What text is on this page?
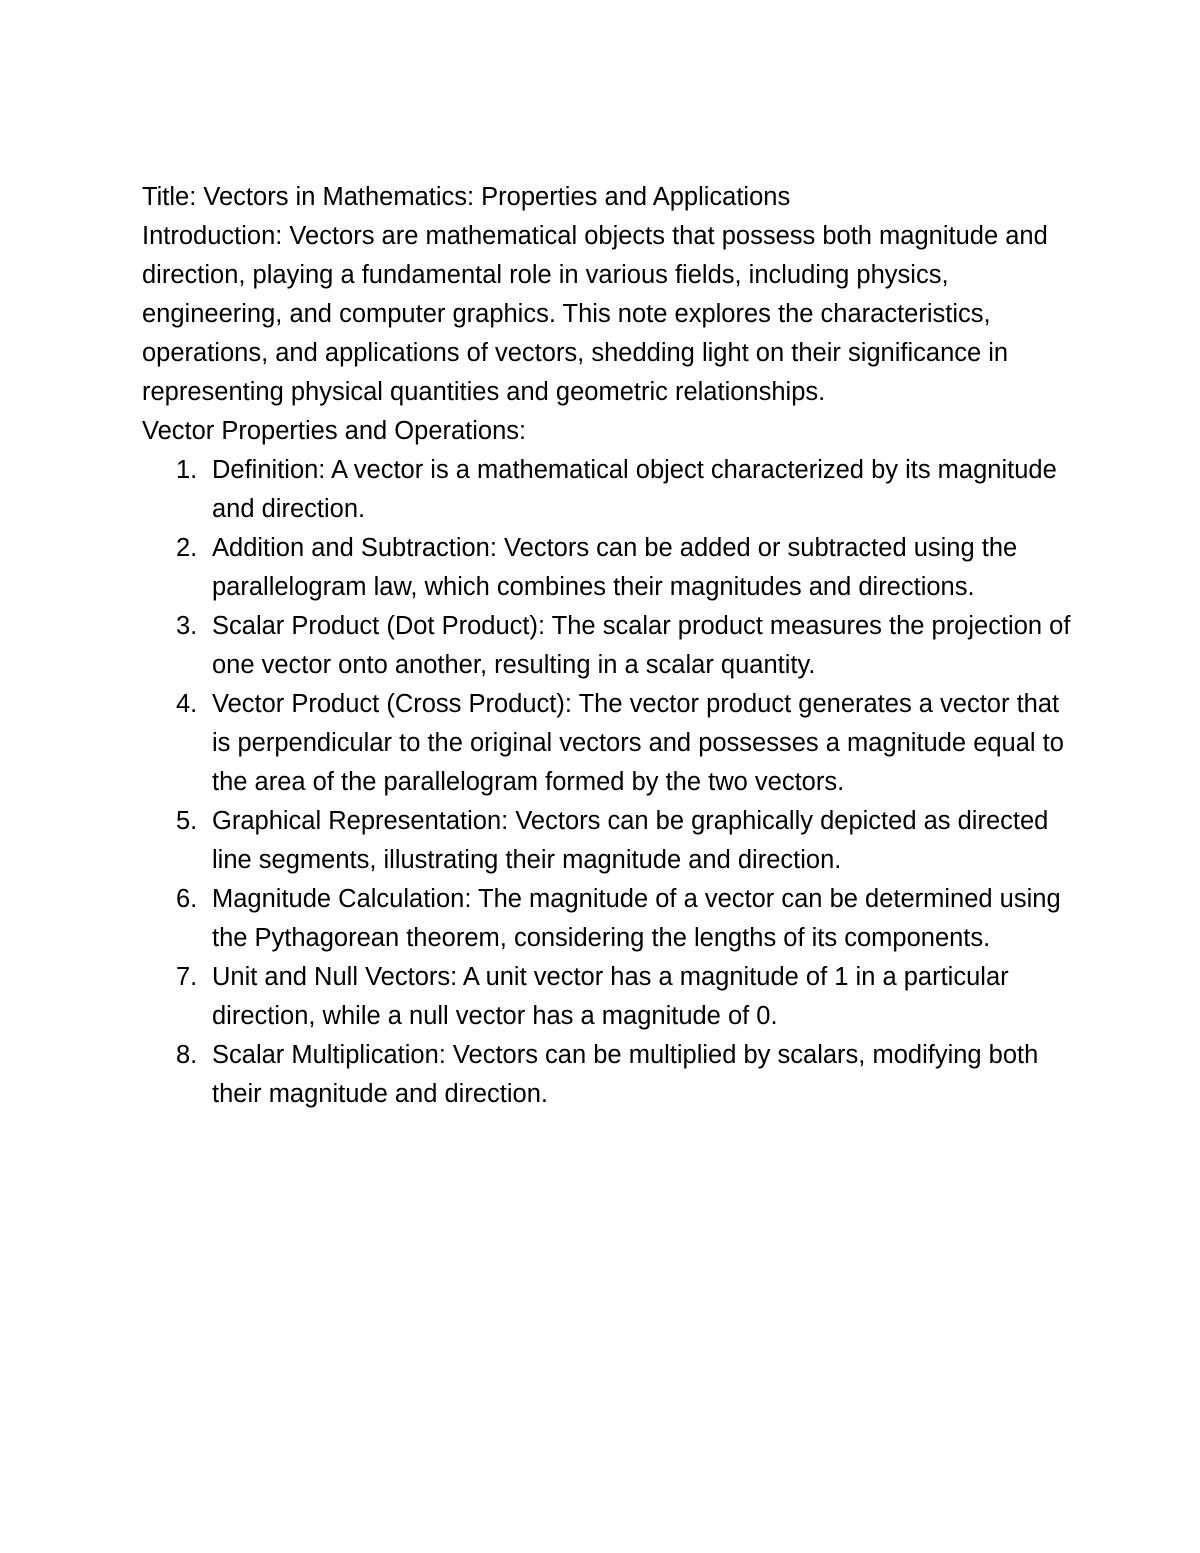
Title: Vectors in Mathematics: Properties and Applications

Introduction: Vectors are mathematical objects that possess both magnitude and direction, playing a fundamental role in various fields, including physics, engineering, and computer graphics. This note explores the characteristics, operations, and applications of vectors, shedding light on their significance in representing physical quantities and geometric relationships.

Vector Properties and Operations:

1. Definition: A vector is a mathematical object characterized by its magnitude and direction.
2. Addition and Subtraction: Vectors can be added or subtracted using the parallelogram law, which combines their magnitudes and directions.
3. Scalar Product (Dot Product): The scalar product measures the projection of one vector onto another, resulting in a scalar quantity.
4. Vector Product (Cross Product): The vector product generates a vector that is perpendicular to the original vectors and possesses a magnitude equal to the area of the parallelogram formed by the two vectors.
5. Graphical Representation: Vectors can be graphically depicted as directed line segments, illustrating their magnitude and direction.
6. Magnitude Calculation: The magnitude of a vector can be determined using the Pythagorean theorem, considering the lengths of its components.
7. Unit and Null Vectors: A unit vector has a magnitude of 1 in a particular direction, while a null vector has a magnitude of 0.
8. Scalar Multiplication: Vectors can be multiplied by scalars, modifying both their magnitude and direction.
